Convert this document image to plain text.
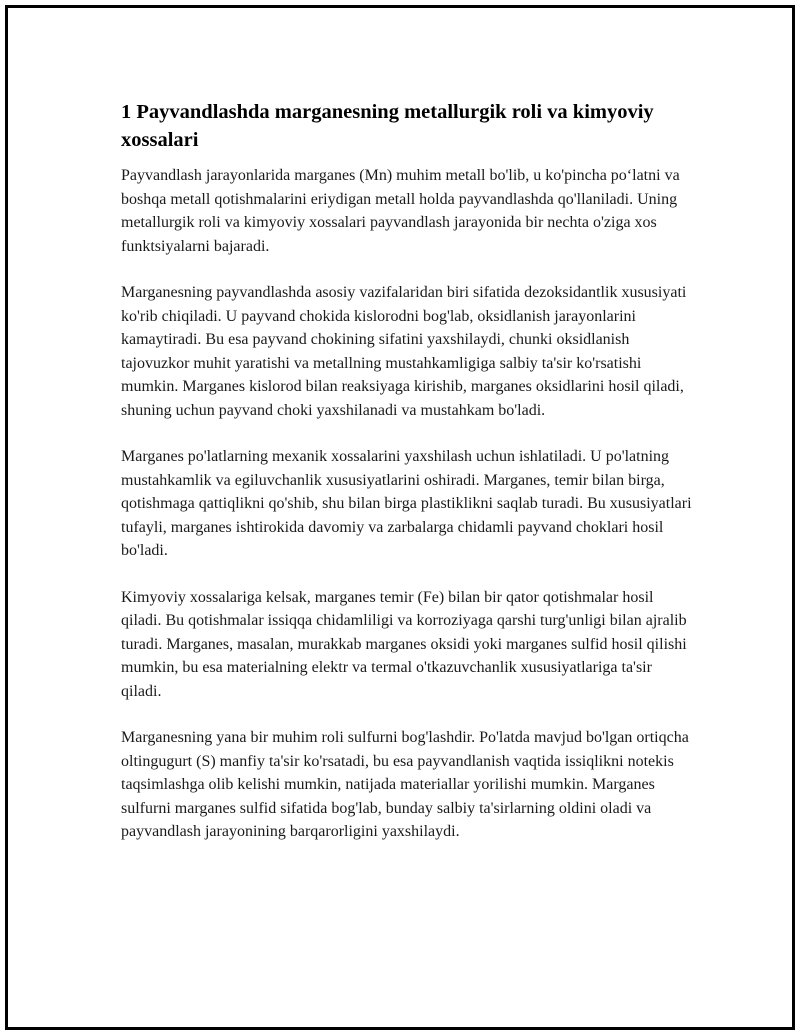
1 Payvandlashda marganesning metallurgik roli va kimyoviy xossalari

Payvandlash jarayonlarida marganes (Mn) muhim metall bo'lib, u ko'pincha po‘latni va boshqa metall qotishmalarini eriydigan metall holda payvandlashda qo'llaniladi. Uning metallurgik roli va kimyoviy xossalari payvandlash jarayonida bir nechta o'ziga xos funktsiyalarni bajaradi.

Marganesning payvandlashda asosiy vazifalaridan biri sifatida dezoksidantlik xususiyati ko'rib chiqiladi. U payvand chokida kislorodni bog'lab, oksidlanish jarayonlarini kamaytiradi. Bu esa payvand chokining sifatini yaxshilaydi, chunki oksidlanish tajovuzkor muhit yaratishi va metallning mustahkamligiga salbiy ta'sir ko'rsatishi mumkin. Marganes kislorod bilan reaksiyaga kirishib, marganes oksidlarini hosil qiladi, shuning uchun payvand choki yaxshilanadi va mustahkam bo'ladi.

Marganes po'latlarning mexanik xossalarini yaxshilash uchun ishlatiladi. U po'latning mustahkamlik va egiluvchanlik xususiyatlarini oshiradi. Marganes, temir bilan birga, qotishmaga qattiqlikni qo'shib, shu bilan birga plastiklikni saqlab turadi. Bu xususiyatlari tufayli, marganes ishtirokida davomiy va zarbalarga chidamli payvand choklari hosil bo'ladi.

Kimyoviy xossalariga kelsak, marganes temir (Fe) bilan bir qator qotishmalar hosil qiladi. Bu qotishmalar issiqqa chidamliligi va korroziyaga qarshi turg'unligi bilan ajralib turadi. Marganes, masalan, murakkab marganes oksidi yoki marganes sulfid hosil qilishi mumkin, bu esa materialning elektr va termal o'tkazuvchanlik xususiyatlariga ta'sir qiladi.

Marganesning yana bir muhim roli sulfurni bog'lashdir. Po'latda mavjud bo'lgan ortiqcha oltingugurt (S) manfiy ta'sir ko'rsatadi, bu esa payvandlanish vaqtida issiqlikni notekis taqsimlashga olib kelishi mumkin, natijada materiallar yorilishi mumkin. Marganes sulfurni marganes sulfid sifatida bog'lab, bunday salbiy ta'sirlarning oldini oladi va payvandlash jarayonining barqarorligini yaxshilaydi.
